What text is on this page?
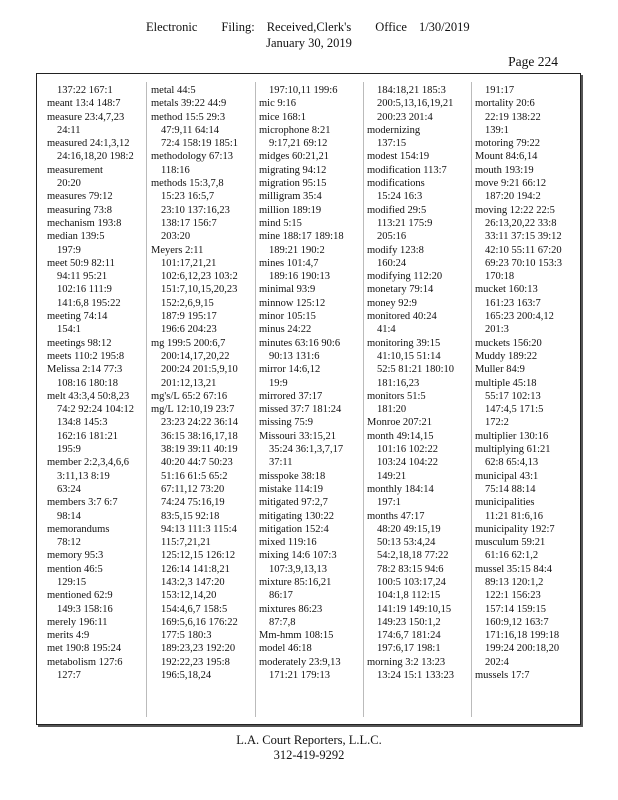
Electronic Filing: Received,Clerk's Office 1/30/2019
January 30, 2019
Page 224
137:22 167:1
meant 13:4 148:7
measure 23:4,7,23
24:11
measured 24:1,3,12
24:16,18,20 198:2
measurement
20:20
measures 79:12
measuring 73:8
mechanism 193:8
median 139:5
197:9
meet 50:9 82:11
94:11 95:21
102:16 111:9
141:6,8 195:22
meeting 74:14
154:1
meetings 98:12
meets 110:2 195:8
Melissa 2:14 77:3
108:16 180:18
melt 43:3,4 50:8,23
74:2 92:24 104:12
134:8 145:3
162:16 181:21
195:9
member 2:2,3,4,6,6
3:11,13 8:19
63:24
members 3:7 6:7
98:14
memorandums
78:12
memory 95:3
mention 46:5
129:15
mentioned 62:9
149:3 158:16
merely 196:11
merits 4:9
met 190:8 195:24
metabolism 127:6
127:7
metal 44:5
metals 39:22 44:9
method 15:5 29:3
47:9,11 64:14
72:4 158:19 185:1
methodology 67:13
118:16
methods 15:3,7,8
15:23 16:5,7
23:10 137:16,23
138:17 156:7
203:20
Meyers 2:11
101:17,21,21
102:6,12,23 103:2
151:7,10,15,20,23
152:2,6,9,15
187:9 195:17
196:6 204:23
mg 199:5 200:6,7
200:14,17,20,22
200:24 201:5,9,10
201:12,13,21
mg's/L 65:2 67:16
mg/L 12:10,19 23:7
23:23 24:22 36:14
36:15 38:16,17,18
38:19 39:11 40:19
40:20 44:7 50:23
51:16 61:5 65:2
67:11,12 73:20
74:24 75:16,19
83:5,15 92:18
94:13 111:3 115:4
115:7,21,21
125:12,15 126:12
126:14 141:8,21
143:2,3 147:20
153:12,14,20
154:4,6,7 158:5
169:5,6,16 176:22
177:5 180:3
189:23,23 192:20
192:22,23 195:8
196:5,18,24
197:10,11 199:6
mic 9:16
mice 168:1
microphone 8:21
9:17,21 69:12
midges 60:21,21
migrating 94:12
migration 95:15
milligram 35:4
million 189:19
mind 5:15
mine 188:17 189:18
189:21 190:2
mines 101:4,7
189:16 190:13
minimal 93:9
minnow 125:12
minor 105:15
minus 24:22
minutes 63:16 90:6
90:13 131:6
mirror 14:6,12
19:9
mirrored 37:17
missed 37:7 181:24
missing 75:9
Missouri 33:15,21
35:24 36:1,3,7,17
37:11
misspoke 38:18
mistake 114:19
mitigated 97:2,7
mitigating 130:22
mitigation 152:4
mixed 119:16
mixing 14:6 107:3
107:3,9,13,13
mixture 85:16,21
86:17
mixtures 86:23
87:7,8
Mm-hmm 108:15
model 46:18
moderately 23:9,13
171:21 179:13
184:18,21 185:3
200:5,13,16,19,21
200:23 201:4
modernizing
137:15
modest 154:19
modification 113:7
modifications
15:24 16:3
modified 29:5
113:21 175:9
205:16
modify 123:8
160:24
modifying 112:20
monetary 79:14
money 92:9
monitored 40:24
41:4
monitoring 39:15
41:10,15 51:14
52:5 81:21 180:10
181:16,23
monitors 51:5
181:20
Monroe 207:21
month 49:14,15
101:16 102:22
103:24 104:22
149:21
monthly 184:14
197:1
months 47:17
48:20 49:15,19
50:13 53:4,24
54:2,18,18 77:22
78:2 83:15 94:6
100:5 103:17,24
104:1,8 112:15
141:19 149:10,15
149:23 150:1,2
174:6,7 181:24
197:6,17 198:1
morning 3:2 13:23
13:24 15:1 133:23
191:17
mortality 20:6
22:19 138:22
139:1
motoring 79:22
Mount 84:6,14
mouth 193:19
move 9:21 66:12
187:20 194:2
moving 12:22 22:5
26:13,20,22 33:8
33:11 37:15 39:12
42:10 55:11 67:20
69:23 70:10 153:3
170:18
mucket 160:13
161:23 163:7
165:23 200:4,12
201:3
muckets 156:20
Muddy 189:22
Muller 84:9
multiple 45:18
55:17 102:13
147:4,5 171:5
172:2
multiplier 130:16
multiplying 61:21
62:8 65:4,13
municipal 43:1
75:14 88:14
municipalities
11:21 81:6,16
municipality 192:7
musculum 59:21
61:16 62:1,2
mussel 35:15 84:4
89:13 120:1,2
122:1 156:23
157:14 159:15
160:9,12 163:7
171:16,18 199:18
199:24 200:18,20
202:4
mussels 17:7
L.A. Court Reporters, L.L.C.
312-419-9292
